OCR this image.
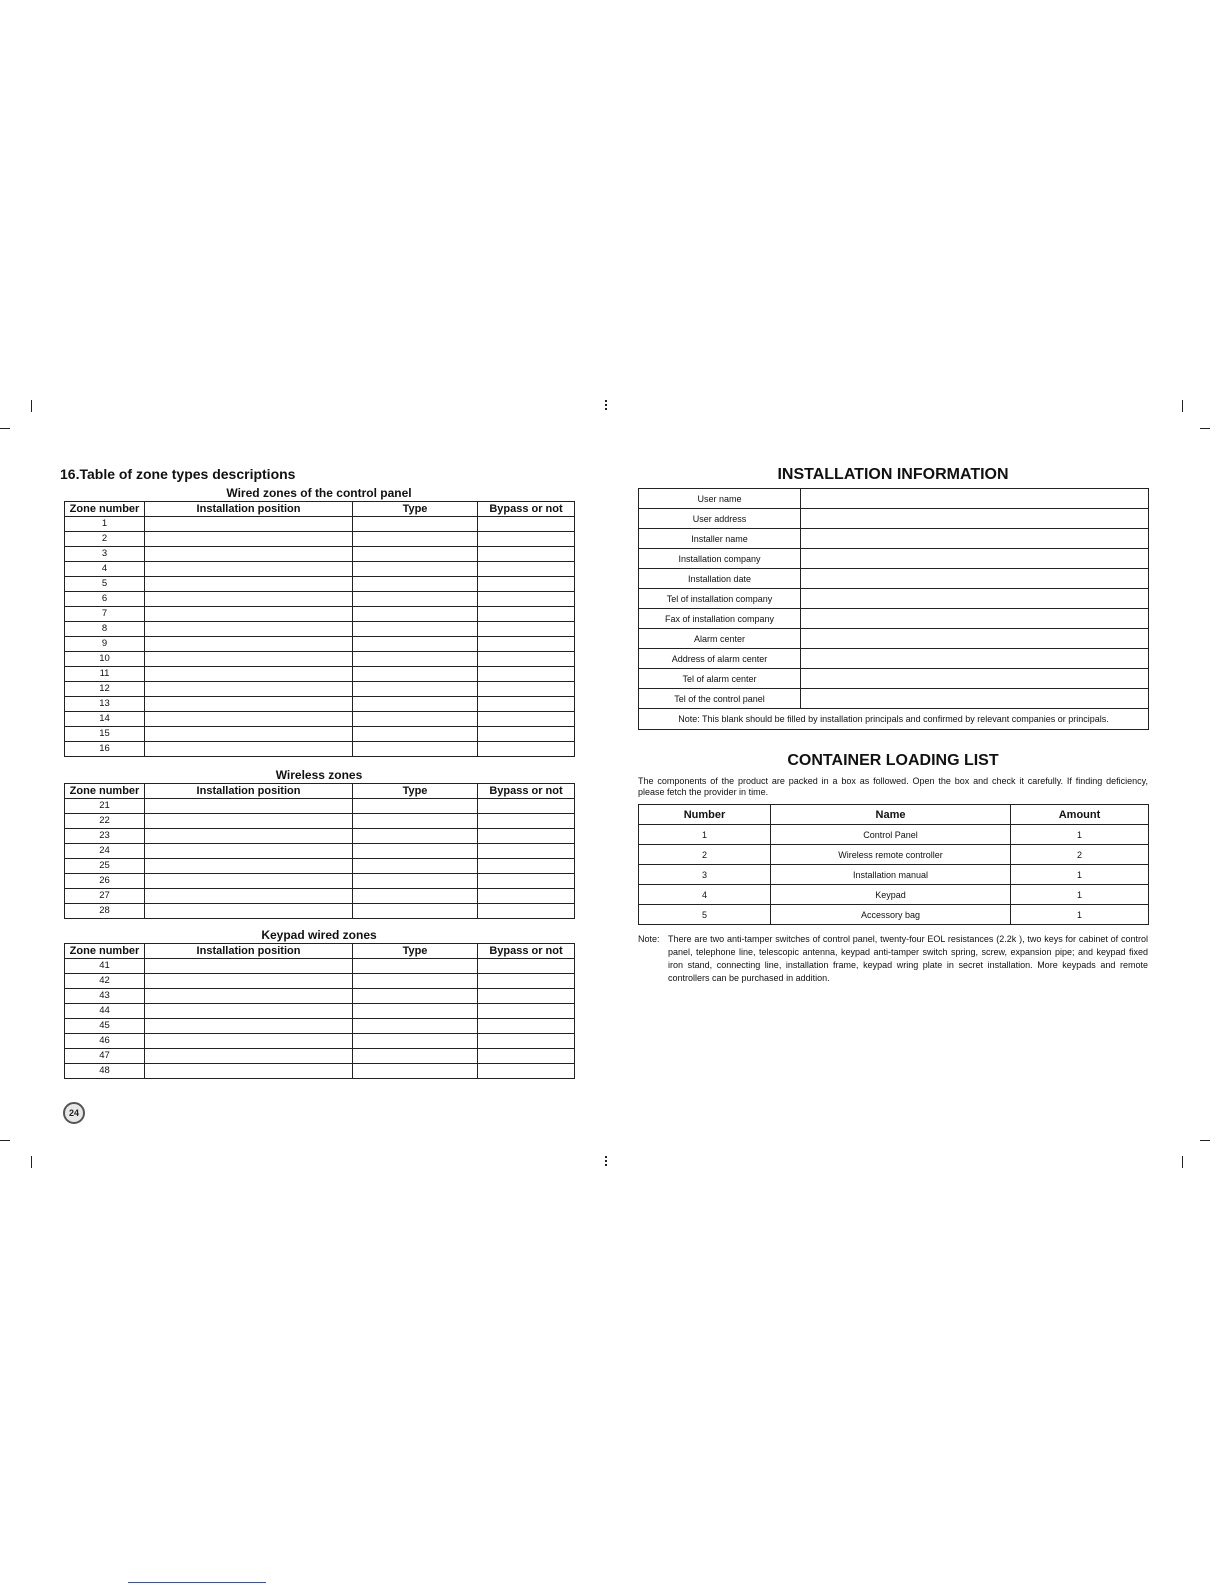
16.Table of zone types descriptions
Wired zones of the control panel
Zone number	Installation position	Type	Bypass or not
1			
2			
3			
4			
5			
6			
7			
8			
9			
10			
11			
12			
13			
14			
15			
16			
Wireless zones
Zone number	Installation position	Type	Bypass or not
21			
22			
23			
24			
25			
26			
27			
28			
Keypad wired zones
Zone number	Installation position	Type	Bypass or not
41			
42			
43			
44			
45			
46			
47			
48			
24
INSTALLATION INFORMATION
User name	
User address	
Installer name	
Installation company	
Installation date	
Tel of installation company	
Fax of installation company	
Alarm center	
Address of alarm center	
Tel of alarm center	
Tel of the control panel	
Note: This blank should be filled by installation principals and confirmed by relevant companies or principals.	
CONTAINER LOADING LIST
The components of the product are packed in a box as followed. Open the box and check it carefully. If finding deficiency, please fetch the provider in time.
Number	Name	Amount
1	Control Panel	1
2	Wireless remote controller	2
3	Installation manual	1
4	Keypad	1
5	Accessory bag	1
Note: There are two anti-tamper switches of control panel, twenty-four EOL resistances (2.2k ), two keys for cabinet of control panel, telephone line, telescopic antenna, keypad anti-tamper switch spring, screw, expansion pipe; and keypad fixed iron stand, connecting line, installation frame, keypad wring plate in secret installation. More keypads and remote controllers can be purchased in addition.
